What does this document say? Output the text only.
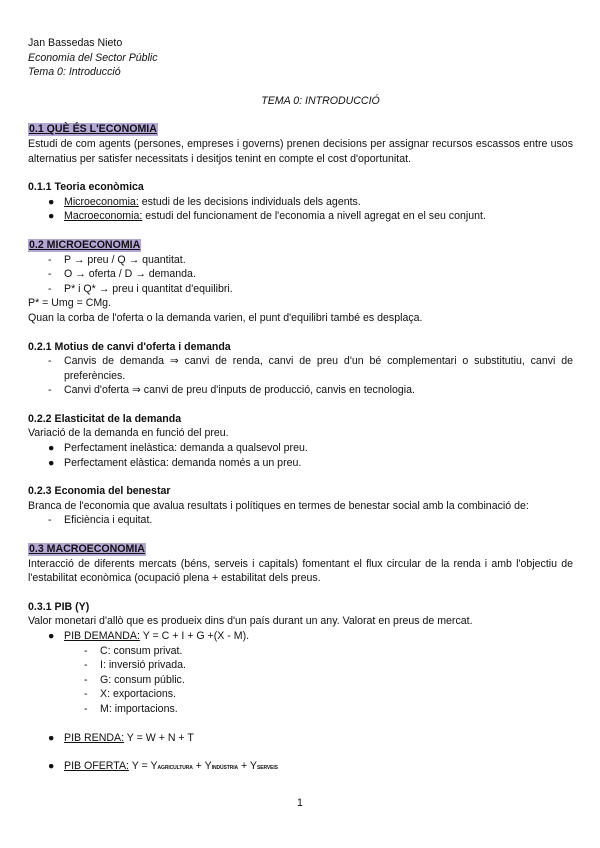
Jan Bassedas Nieto
Economia del Sector Públic
Tema 0: Introducció
TEMA 0: INTRODUCCIÓ
0.1 QUÈ ÉS L'ECONOMIA
Estudi de com agents (persones, empreses i governs) prenen decisions per assignar recursos escassos entre usos alternatius per satisfer necessitats i desitjos tenint en compte el cost d'oportunitat.
0.1.1 Teoria econòmica
● Microeconomia: estudi de les decisions individuals dels agents.
● Macroeconomia: estudi del funcionament de l'economia a nivell agregat en el seu conjunt.
0.2 MICROECONOMIA
- P → preu / Q → quantitat.
- O → oferta / D → demanda.
- P* i Q* → preu i quantitat d'equilibri.
P* = Umg = CMg.
Quan la corba de l'oferta o la demanda varien, el punt d'equilibri també es desplaça.
0.2.1 Motius de canvi d'oferta i demanda
- Canvis de demanda ⇒ canvi de renda, canvi de preu d'un bé complementari o substitutiu, canvi de preferències.
- Canvi d'oferta ⇒ canvi de preu d'inputs de producció, canvis en tecnologia.
0.2.2 Elasticitat de la demanda
Variació de la demanda en funció del preu.
● Perfectament inelàstica: demanda a qualsevol preu.
● Perfectament elàstica: demanda només a un preu.
0.2.3 Economia del benestar
Branca de l'economia que avalua resultats i polítiques en termes de benestar social amb la combinació de:
- Eficiència i equitat.
0.3 MACROECONOMIA
Interacció de diferents mercats (béns, serveis i capitals) fomentant el flux circular de la renda i amb l'objectiu de l'estabilitat econòmica (ocupació plena + estabilitat dels preus.
0.3.1 PIB (Y)
Valor monetari d'allò que es produeix dins d'un país durant un any. Valorat en preus de mercat.
● PIB DEMANDA: Y = C + I + G +(X - M).
- C: consum privat.
- I: inversió privada.
- G: consum públic.
- X: exportacions.
- M: importacions.
● PIB RENDA: Y = W + N + T
● PIB OFERTA: Y = YAGRICULTURA + YINDÚSTRIA + YSERVEIS
1
